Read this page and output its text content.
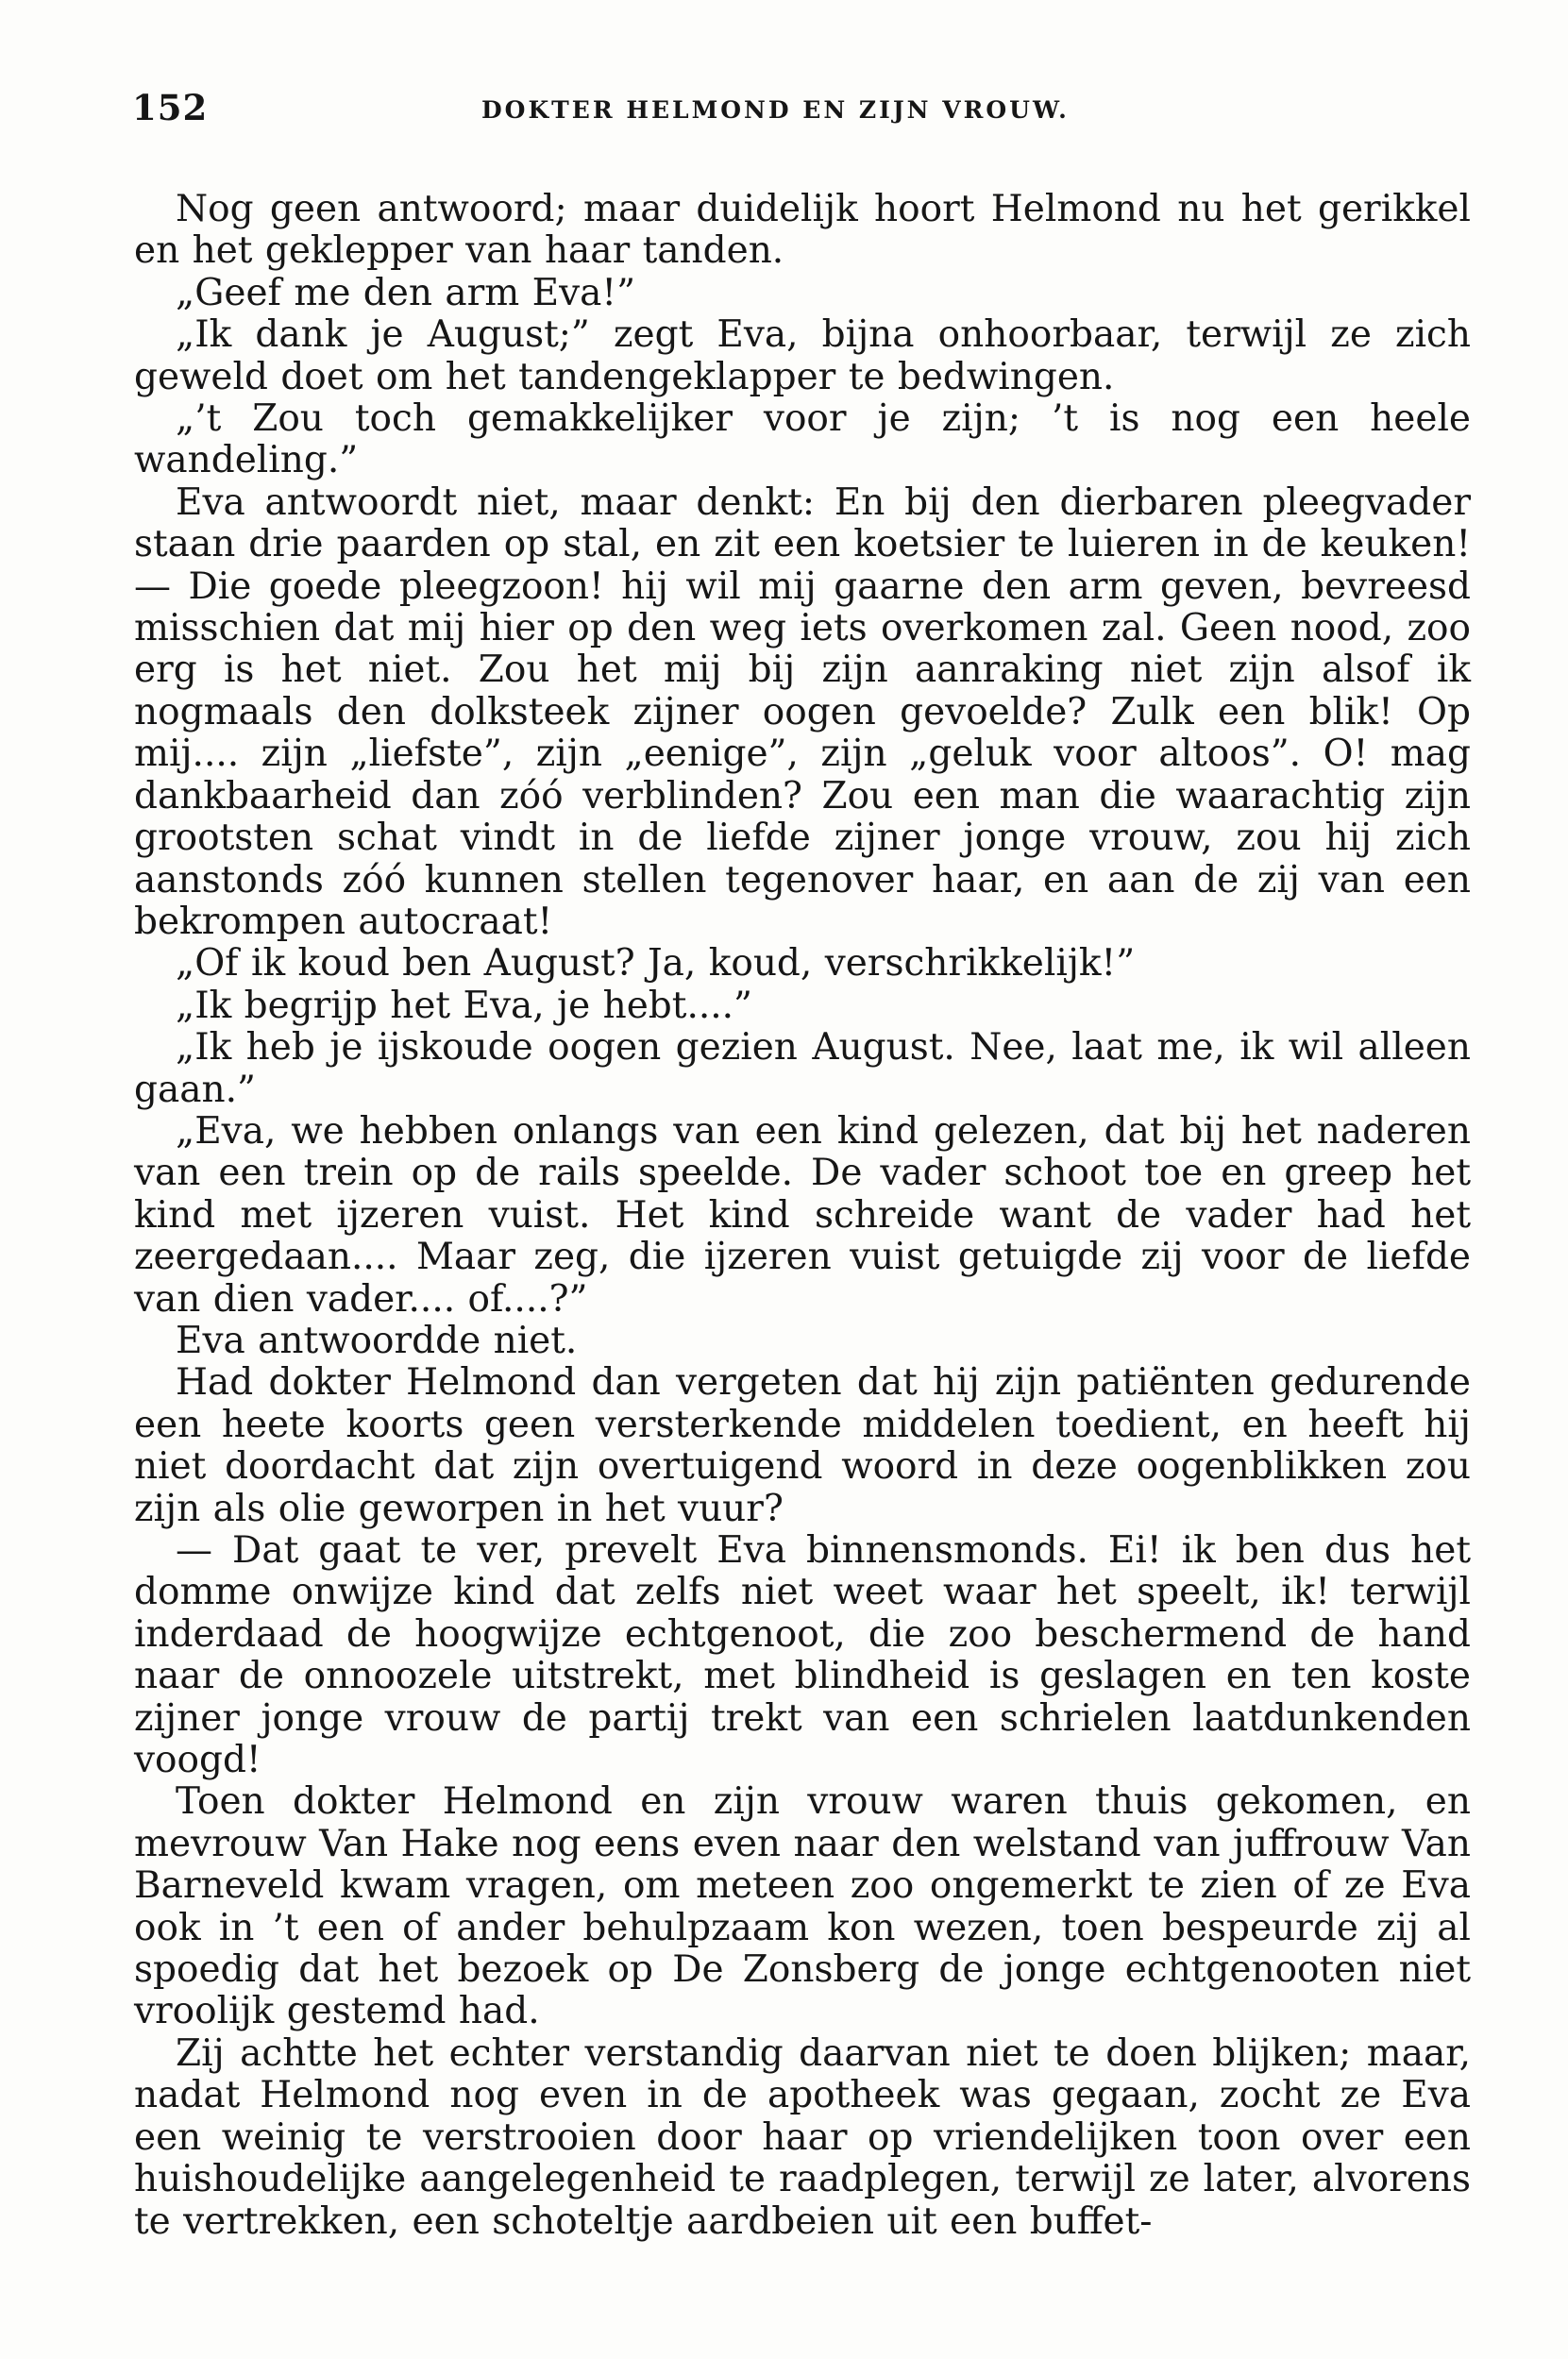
152	DOKTER HELMOND EN ZIJN VROUW.

Nog geen antwoord; maar duidelijk hoort Helmond nu het gerikkel en het geklepper van haar tanden.

„Geef me den arm Eva!”

„Ik dank je August;” zegt Eva, bijna onhoorbaar, terwijl ze zich geweld doet om het tandengeklapper te bedwingen.

„’t Zou toch gemakkelijker voor je zijn; ’t is nog een heele wandeling.”

Eva antwoordt niet, maar denkt: En bij den dierbaren pleegvader staan drie paarden op stal, en zit een koetsier te luieren in de keuken! — Die goede pleegzoon! hij wil mij gaarne den arm geven, bevreesd misschien dat mij hier op den weg iets overkomen zal. Geen nood, zoo erg is het niet. Zou het mij bij zijn aanraking niet zijn alsof ik nogmaals den dolksteek zijner oogen gevoelde? Zulk een blik! Op mij.... zijn „liefste”, zijn „eenige”, zijn „geluk voor altoos”. O! mag dankbaarheid dan zóó verblinden? Zou een man die waarachtig zijn grootsten schat vindt in de liefde zijner jonge vrouw, zou hij zich aanstonds zóó kunnen stellen tegenover haar, en aan de zij van een bekrompen autocraat!

„Of ik koud ben August? Ja, koud, verschrikkelijk!”

„Ik begrijp het Eva, je hebt....”

„Ik heb je ijskoude oogen gezien August. Nee, laat me, ik wil alleen gaan.”

„Eva, we hebben onlangs van een kind gelezen, dat bij het naderen van een trein op de rails speelde. De vader schoot toe en greep het kind met ijzeren vuist. Het kind schreide want de vader had het zeergedaan.... Maar zeg, die ijzeren vuist getuigde zij voor de liefde van dien vader.... of....?”

Eva antwoordde niet.

Had dokter Helmond dan vergeten dat hij zijn patiënten gedurende een heete koorts geen versterkende middelen toedient, en heeft hij niet doordacht dat zijn overtuigend woord in deze oogenblikken zou zijn als olie geworpen in het vuur?

— Dat gaat te ver, prevelt Eva binnensmonds. Ei! ik ben dus het domme onwijze kind dat zelfs niet weet waar het speelt, ik! terwijl inderdaad de hoogwijze echtgenoot, die zoo beschermend de hand naar de onnoozele uitstrekt, met blindheid is geslagen en ten koste zijner jonge vrouw de partij trekt van een schrielen laatdunkenden voogd!

Toen dokter Helmond en zijn vrouw waren thuis gekomen, en mevrouw Van Hake nog eens even naar den welstand van juffrouw Van Barneveld kwam vragen, om meteen zoo ongemerkt te zien of ze Eva ook in ’t een of ander behulpzaam kon wezen, toen bespeurde zij al spoedig dat het bezoek op De Zonsberg de jonge echtgenooten niet vroolijk gestemd had.

Zij achtte het echter verstandig daarvan niet te doen blijken; maar, nadat Helmond nog even in de apotheek was gegaan, zocht ze Eva een weinig te verstrooien door haar op vriendelijken toon over een huishoudelijke aangelegenheid te raadplegen, terwijl ze later, alvorens te vertrekken, een schoteltje aardbeien uit een buffet-
